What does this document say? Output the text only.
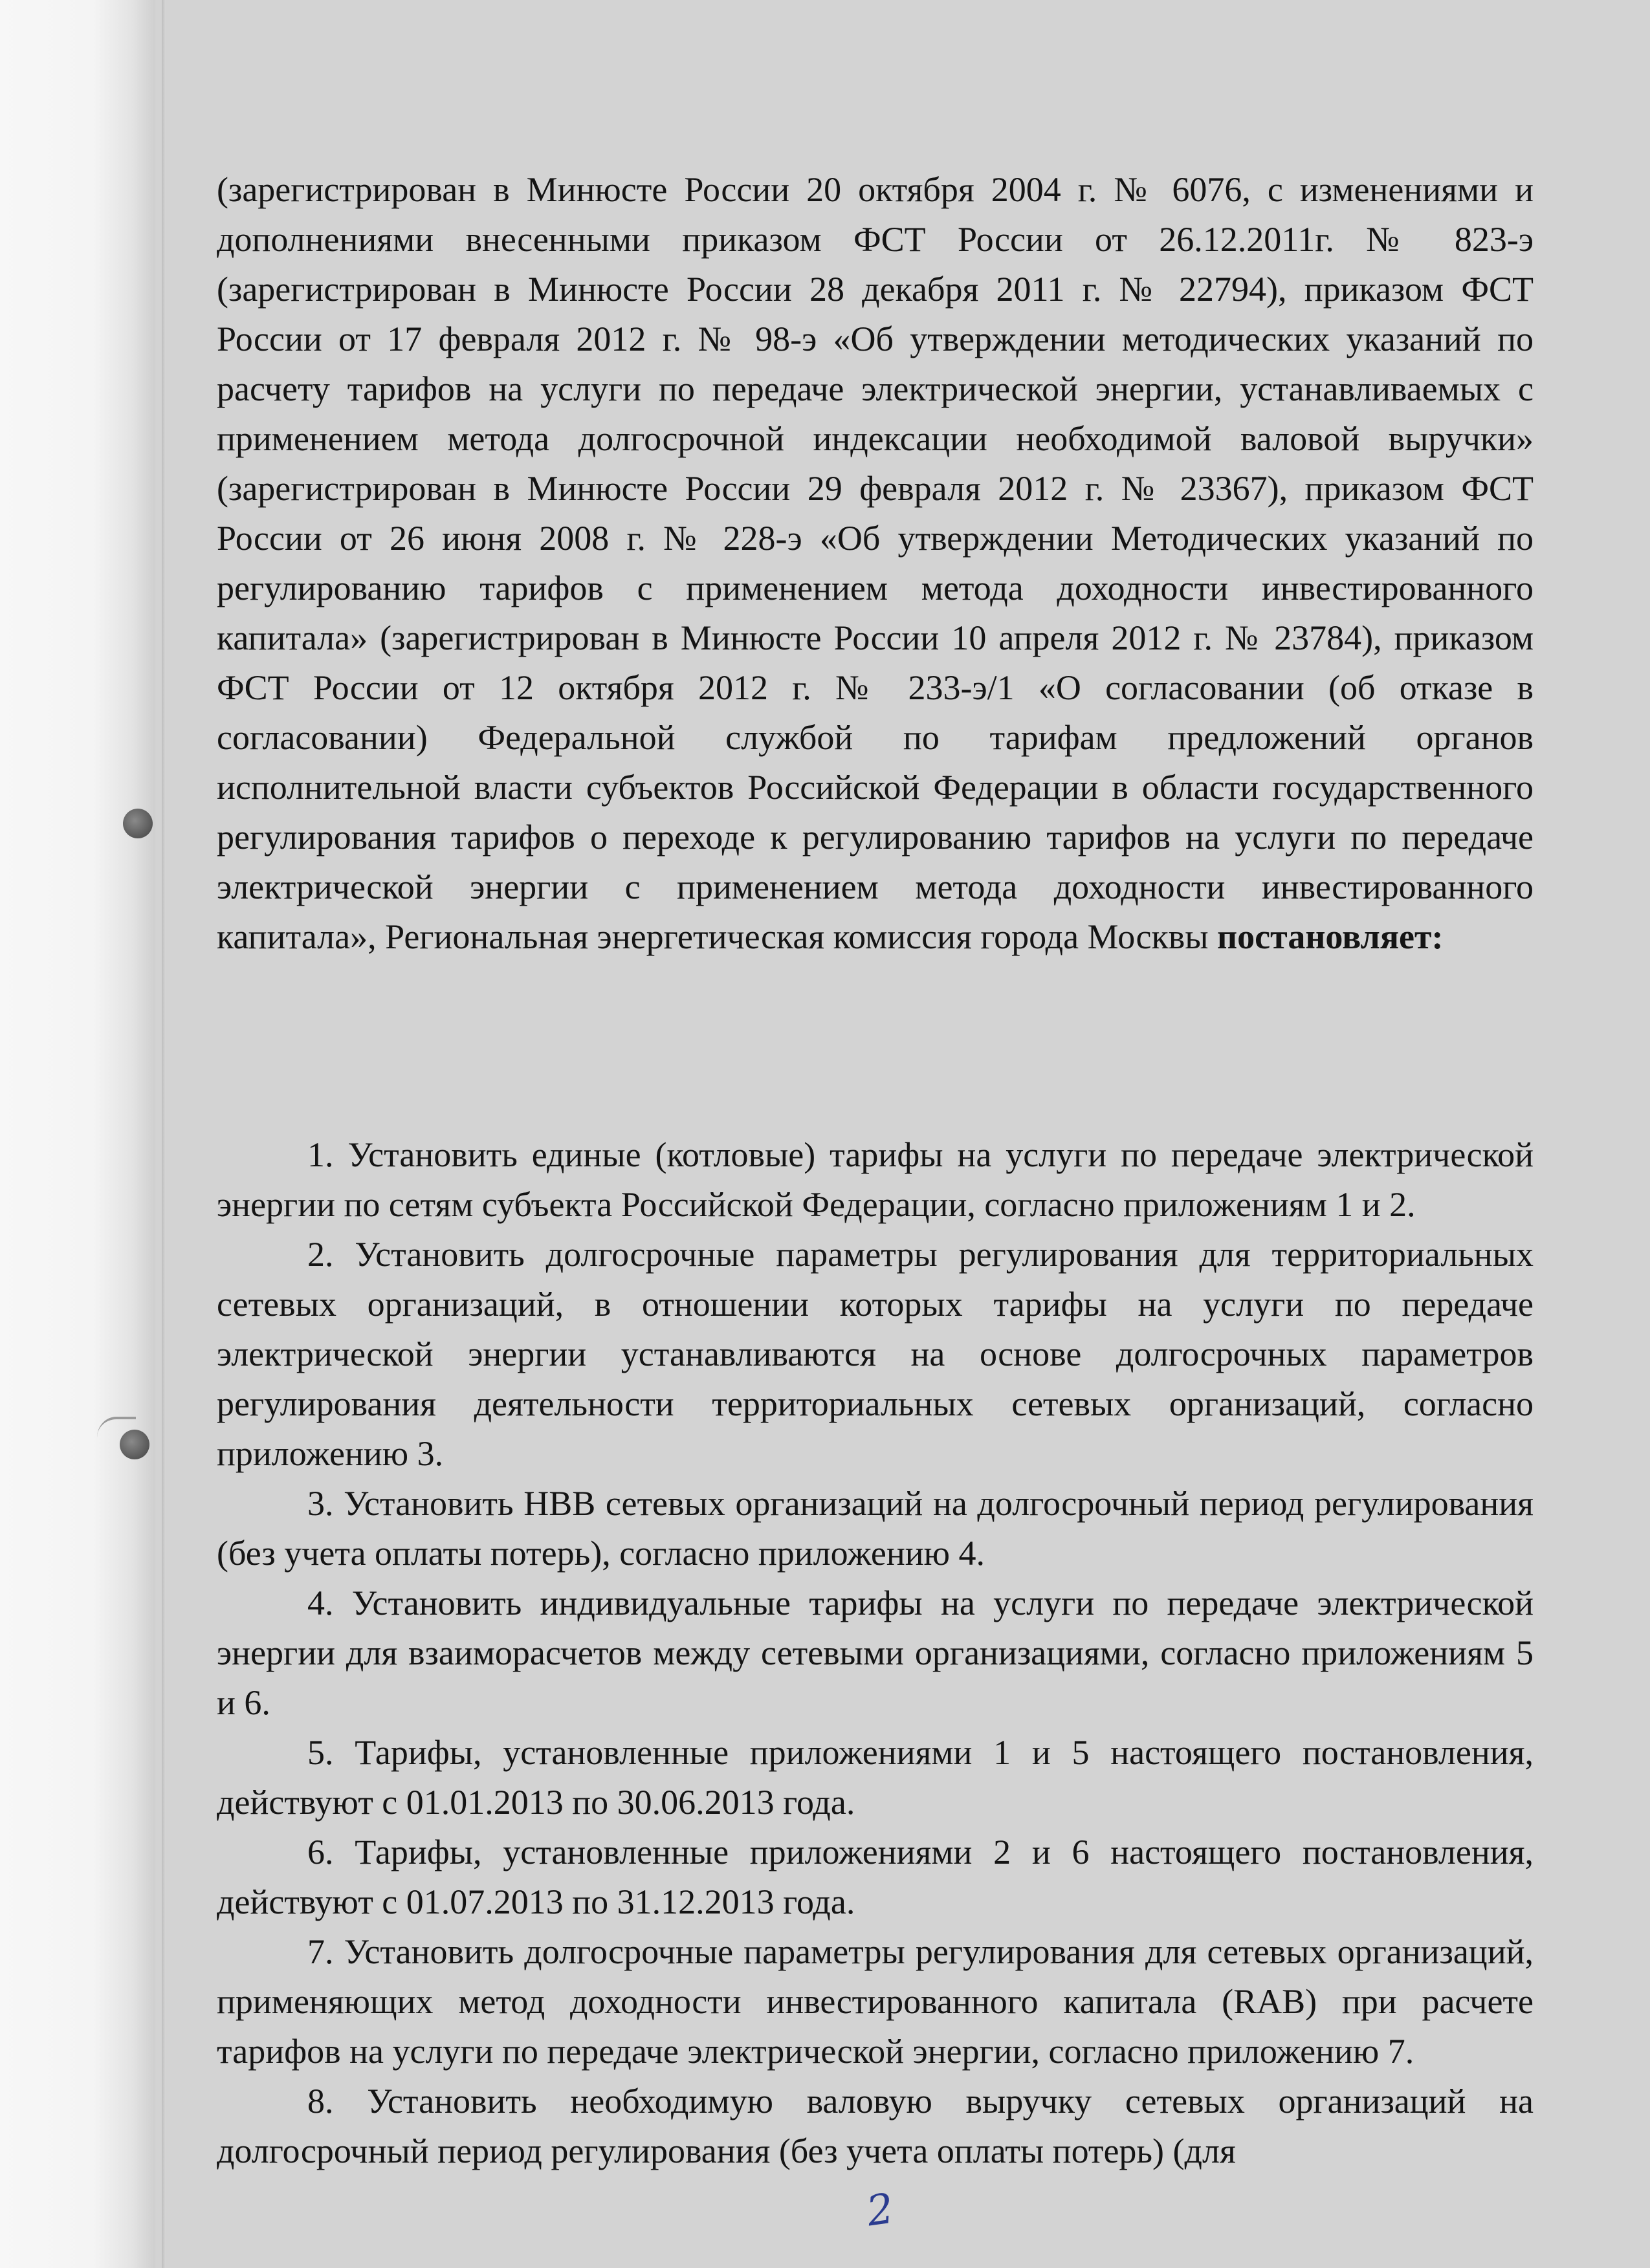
(зарегистрирован в Минюсте России 20 октября 2004 г. № 6076, с изменениями и дополнениями внесенными приказом ФСТ России от 26.12.2011г. № 823-э (зарегистрирован в Минюсте России 28 декабря 2011 г. № 22794), приказом ФСТ России от 17 февраля 2012 г. № 98-э «Об утверждении методических указаний по расчету тарифов на услуги по передаче электрической энергии, устанавливаемых с применением метода долгосрочной индексации необходимой валовой выручки» (зарегистрирован в Минюсте России 29 февраля 2012 г. № 23367), приказом ФСТ России от 26 июня 2008 г. № 228-э «Об утверждении Методических указаний по регулированию тарифов с применением метода доходности инвестированного капитала» (зарегистрирован в Минюсте России 10 апреля 2012 г. № 23784), приказом ФСТ России от 12 октября 2012 г. № 233-э/1 «О согласовании (об отказе в согласовании) Федеральной службой по тарифам предложений органов исполнительной власти субъектов Российской Федерации в области государственного регулирования тарифов о переходе к регулированию тарифов на услуги по передаче электрической энергии с применением метода доходности инвестированного капитала», Региональная энергетическая комиссия города Москвы постановляет:

1. Установить единые (котловые) тарифы на услуги по передаче электрической энергии по сетям субъекта Российской Федерации, согласно приложениям 1 и 2.

2. Установить долгосрочные параметры регулирования для территориальных сетевых организаций, в отношении которых тарифы на услуги по передаче электрической энергии устанавливаются на основе долгосрочных параметров регулирования деятельности территориальных сетевых организаций, согласно приложению 3.

3. Установить НВВ сетевых организаций на долгосрочный период регулирования (без учета оплаты потерь), согласно приложению 4.

4. Установить индивидуальные тарифы на услуги по передаче электрической энергии для взаиморасчетов между сетевыми организациями, согласно приложениям 5 и 6.

5. Тарифы, установленные приложениями 1 и 5 настоящего постановления, действуют с 01.01.2013 по 30.06.2013 года.

6. Тарифы, установленные приложениями 2 и 6 настоящего постановления, действуют с 01.07.2013 по 31.12.2013 года.

7. Установить долгосрочные параметры регулирования для сетевых организаций, применяющих метод доходности инвестированного капитала (RAB) при расчете тарифов на услуги по передаче электрической энергии, согласно приложению 7.

8. Установить необходимую валовую выручку сетевых организаций на долгосрочный период регулирования (без учета оплаты потерь) (для

2
